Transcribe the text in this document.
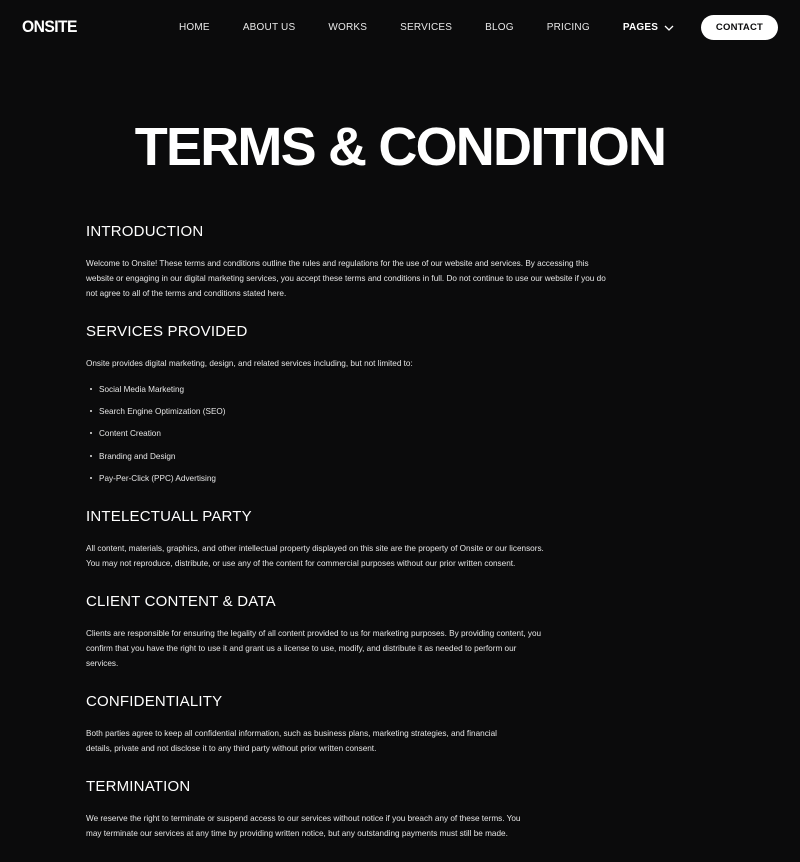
ONSITE	HOME	ABOUT US	WORKS	SERVICES	BLOG	PRICING	PAGES	CONTACT
TERMS & CONDITION
INTRODUCTION

Welcome to Onsite! These terms and conditions outline the rules and regulations for the use of our website and services. By accessing this website or engaging in our digital marketing services, you accept these terms and conditions in full. Do not continue to use our website if you do not agree to all of the terms and conditions stated here.

SERVICES PROVIDED

Onsite provides digital marketing, design, and related services including, but not limited to:

Social Media Marketing
Search Engine Optimization (SEO)
Content Creation
Branding and Design
Pay-Per-Click (PPC) Advertising
INTELECTUALL PARTY

All content, materials, graphics, and other intellectual property displayed on this site are the property of Onsite or our licensors. You may not reproduce, distribute, or use any of the content for commercial purposes without our prior written consent.

CLIENT CONTENT & DATA

Clients are responsible for ensuring the legality of all content provided to us for marketing purposes. By providing content, you confirm that you have the right to use it and grant us a license to use, modify, and distribute it as needed to perform our services.

CONFIDENTIALITY

Both parties agree to keep all confidential information, such as business plans, marketing strategies, and financial details, private and not disclose it to any third party without prior written consent.

TERMINATION

We reserve the right to terminate or suspend access to our services without notice if you breach any of these terms. You may terminate our services at any time by providing written notice, but any outstanding payments must still be made.
